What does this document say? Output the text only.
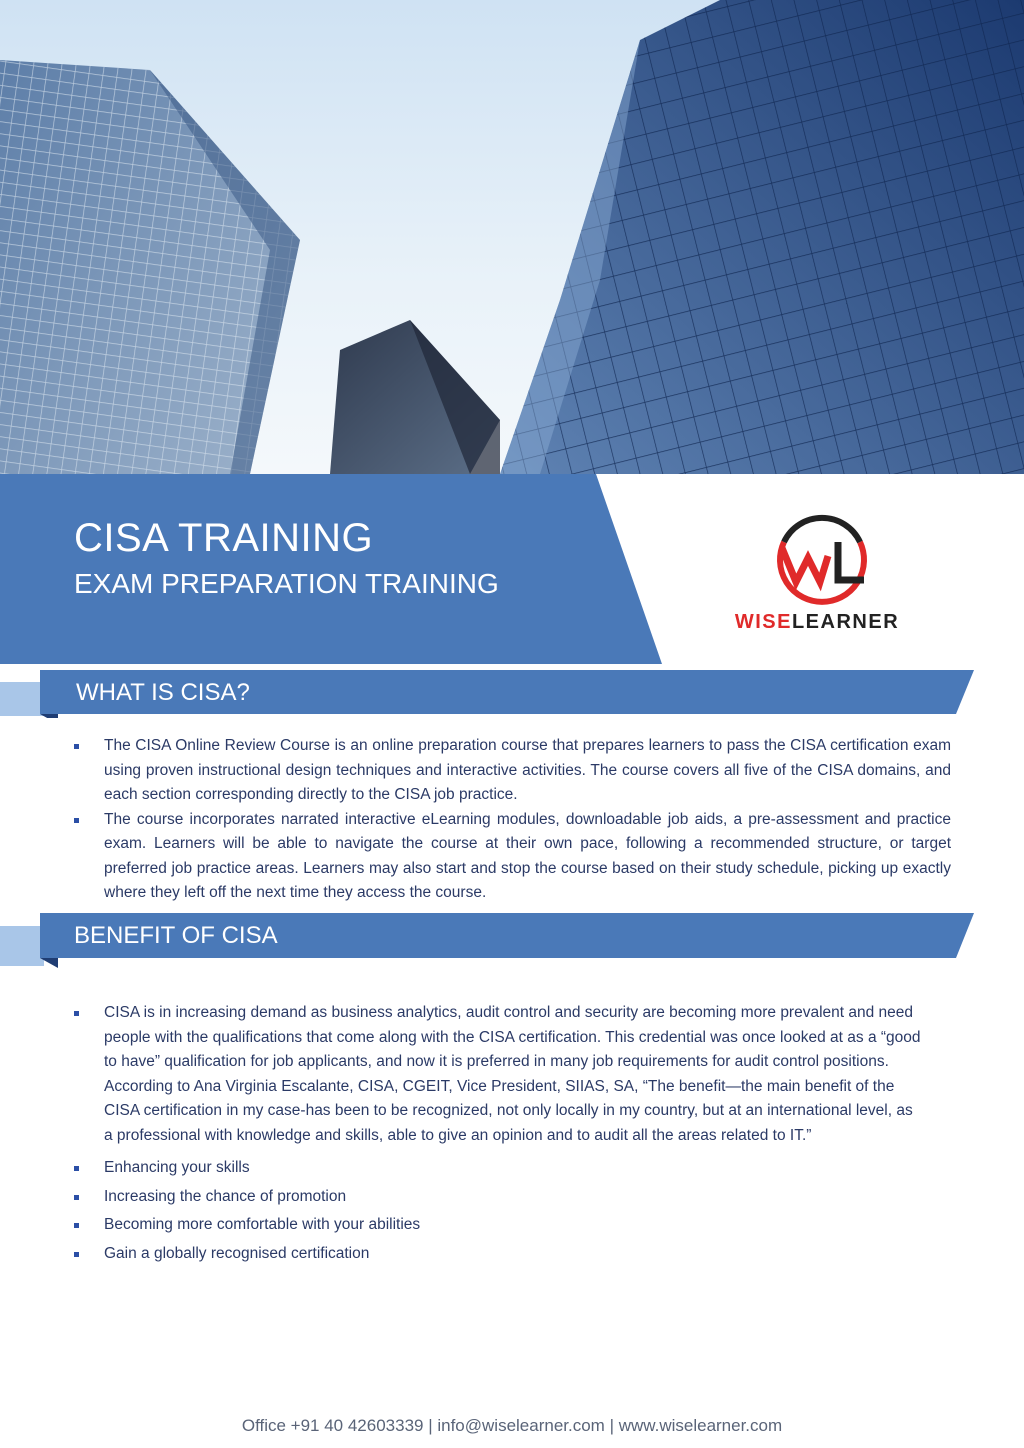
CISA TRAINING
EXAM PREPARATION TRAINING
WISELEARNER
WHAT IS CISA?
The CISA Online Review Course is an online preparation course that prepares learners to pass the CISA certification exam using proven instructional design techniques and interactive activities. The course covers all five of the CISA domains, and each section corresponding directly to the CISA job practice.
The course incorporates narrated interactive eLearning modules, downloadable job aids, a pre-assessment and practice exam. Learners will be able to navigate the course at their own pace, following a recommended structure, or target preferred job practice areas. Learners may also start and stop the course based on their study schedule, picking up exactly where they left off the next time they access the course.
BENEFIT OF CISA
CISA is in increasing demand as business analytics, audit control and security are becoming more prevalent and need people with the qualifications that come along with the CISA certification. This credential was once looked at as a “good to have” qualification for job applicants, and now it is preferred in many job requirements for audit control positions. According to Ana Virginia Escalante, CISA, CGEIT, Vice President, SIIAS, SA, “The benefit—the main benefit of the CISA certification in my case-has been to be recognized, not only locally in my country, but at an international level, as a professional with knowledge and skills, able to give an opinion and to audit all the areas related to IT.”
Enhancing your skills
Increasing the chance of promotion
Becoming more comfortable with your abilities
Gain a globally recognised certification
Office +91 40 42603339 | info@wiselearner.com | www.wiselearner.com
